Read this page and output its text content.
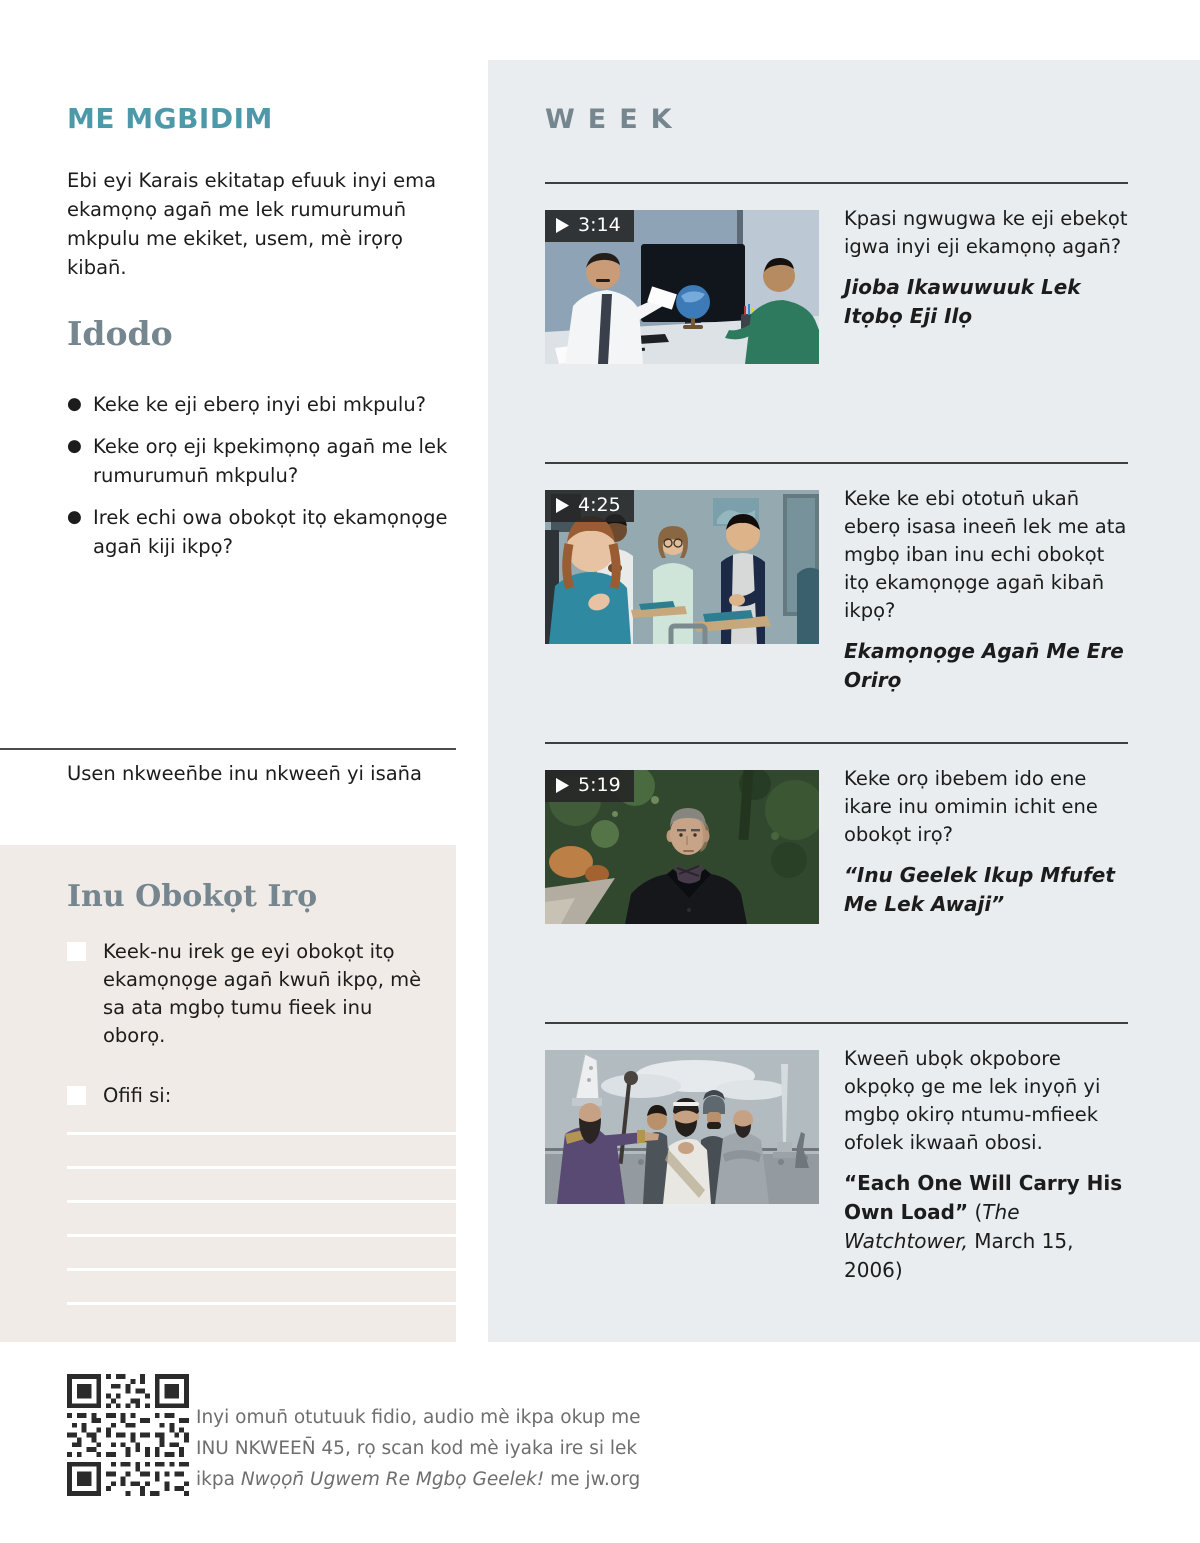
ME MGBIDIM

Ebi eyi Karais ekitatap efuuk inyi ema ekamọnọ agan̄ me lek rumurumun̄ mkpulu me ekiket, usem, mè irọrọ kiban̄.

Idodo
● Keke ke eji eberọ inyi ebi mkpulu?
● Keke orọ eji kpekimọnọ agan̄ me lek rumurumun̄ mkpulu?
● Irek echi owa obokọt itọ ekamọnọge agan̄ kiji ikpọ?

Usen nkween̄be inu nkween̄ yi isan̄a

Inu Obokọt Irọ

Keek-nu irek ge eyi obokọt itọ ekamọnọge agan̄ kwun̄ ikpọ, mè sa ata mgbọ tumu fieek inu oborọ.

Ofifi si:

Inyi omun̄ otutuuk fidio, audio mè ikpa okup me INU NKWEEN̄ 45, rọ scan kod mè iyaka ire si lek ikpa Nwọọn̄ Ugwem Re Mgbọ Geelek! me jw.org

WEEK
3:14	Kpasi ngwugwa ke eji ebekọt igwa inyi eji ekamọnọ agan̄?

Jioba Ikawuwuuk Lek Itọbọ Eji Ilọ

4:25	Keke ke ebi ototun̄ ukan̄ eberọ isasa ineen̄ lek me ata mgbọ iban inu echi obokọt itọ ekamọnọge agan̄ kiban̄ ikpọ?

Ekamọnọge Agan̄ Me Ere Orirọ

5:19	Keke orọ ibebem ido ene ikare inu omimin ichit ene obokọt irọ?

“Inu Geelek Ikup Mfufet Me Lek Awaji”

Kween̄ ubọk okpobore okpọkọ ge me lek inyọn̄ yi mgbọ okirọ ntumu-mfieek ofolek ikwaan̄ obosi.

“Each One Will Carry His Own Load” (The Watchtower, March 15, 2006)
